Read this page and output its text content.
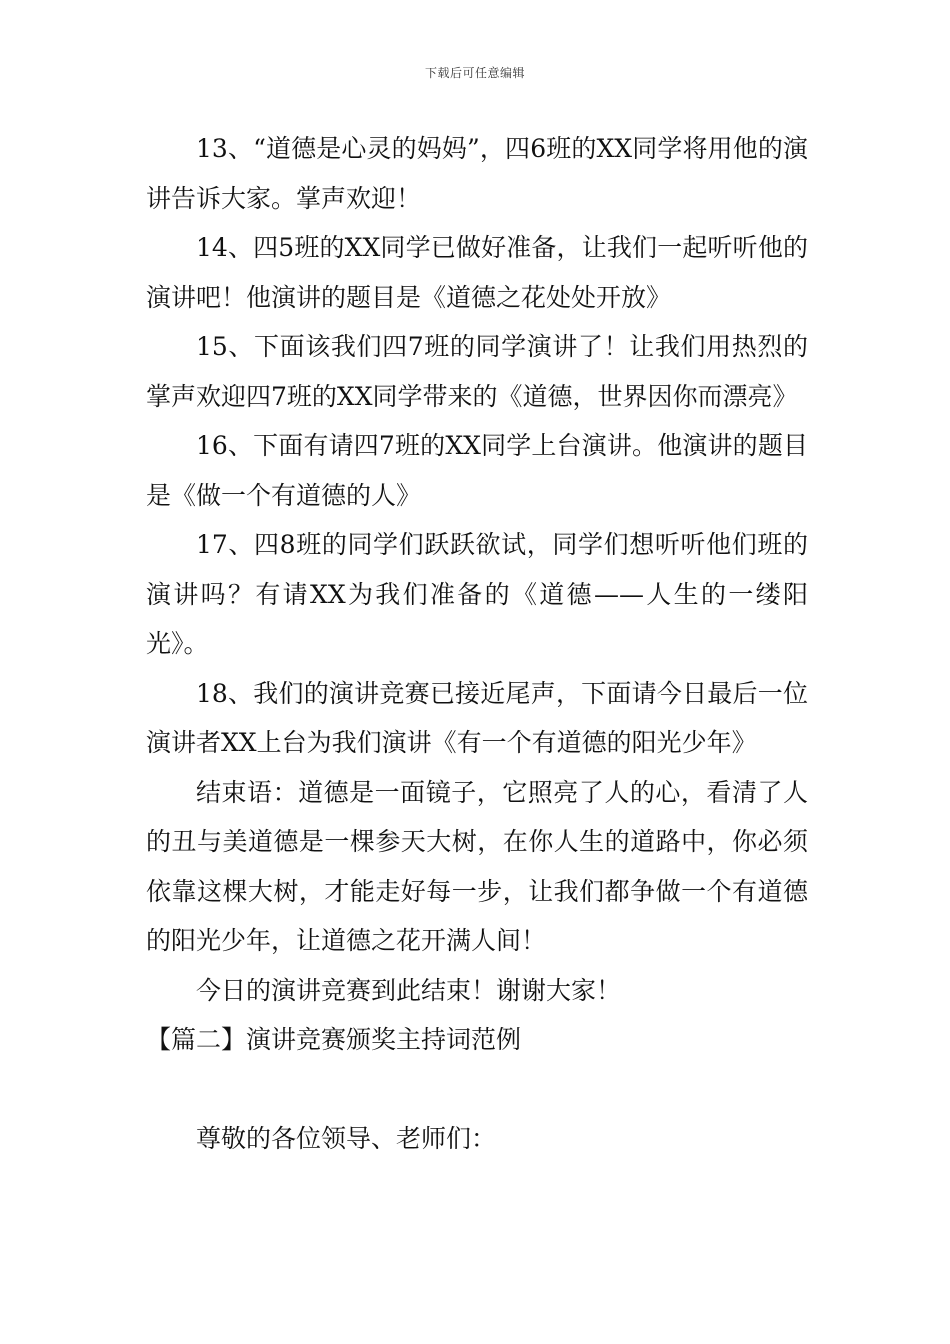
下载后可任意编辑

13、“道德是心灵的妈妈”，四6班的XX同学将用他的演讲告诉大家。掌声欢迎！

14、四5班的XX同学已做好准备，让我们一起听听他的演讲吧！他演讲的题目是《道德之花处处开放》

15、下面该我们四7班的同学演讲了！让我们用热烈的掌声欢迎四7班的XX同学带来的《道德，世界因你而漂亮》

16、下面有请四7班的XX同学上台演讲。他演讲的题目是《做一个有道德的人》

17、四8班的同学们跃跃欲试，同学们想听听他们班的演讲吗？有请XX为我们准备的《道德——人生的一缕阳光》。

18、我们的演讲竞赛已接近尾声，下面请今日最后一位演讲者XX上台为我们演讲《有一个有道德的阳光少年》

结束语：道德是一面镜子，它照亮了人的心，看清了人的丑与美道德是一棵参天大树，在你人生的道路中，你必须依靠这棵大树，才能走好每一步，让我们都争做一个有道德的阳光少年，让道德之花开满人间！

今日的演讲竞赛到此结束！谢谢大家！

【篇二】演讲竞赛颁奖主持词范例

尊敬的各位领导、老师们：
